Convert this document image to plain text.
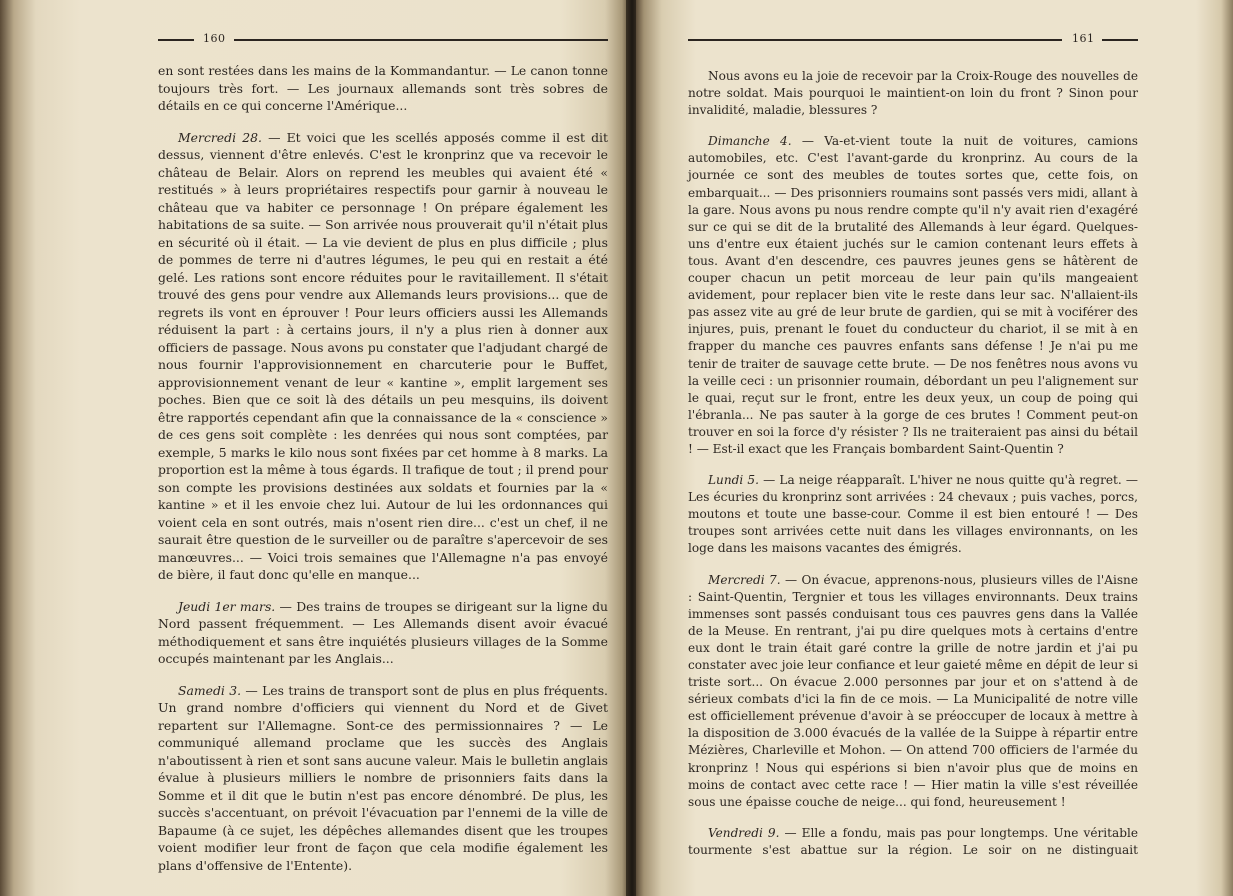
160

en sont restées dans les mains de la Kommandantur. — Le canon tonne toujours très fort. — Les journaux allemands sont très sobres de détails en ce qui concerne l'Amérique...

Mercredi 28. — Et voici que les scellés apposés comme il est dit dessus, viennent d'être enlevés. C'est le kronprinz que va recevoir le château de Belair. Alors on reprend les meubles qui avaient été « restitués » à leurs propriétaires respectifs pour garnir à nouveau le château que va habiter ce personnage ! On prépare également les habitations de sa suite. — Son arrivée nous prouverait qu'il n'était plus en sécurité où il était. — La vie devient de plus en plus difficile ; plus de pommes de terre ni d'autres légumes, le peu qui en restait a été gelé. Les rations sont encore réduites pour le ravitaillement. Il s'était trouvé des gens pour vendre aux Allemands leurs provisions... que de regrets ils vont en éprouver ! Pour leurs officiers aussi les Allemands réduisent la part : à certains jours, il n'y a plus rien à donner aux officiers de passage. Nous avons pu constater que l'adjudant chargé de nous fournir l'approvisionnement en charcuterie pour le Buffet, approvisionnement venant de leur « kantine », emplit largement ses poches. Bien que ce soit là des détails un peu mesquins, ils doivent être rapportés cependant afin que la connaissance de la « conscience » de ces gens soit complète : les denrées qui nous sont comptées, par exemple, 5 marks le kilo nous sont fixées par cet homme à 8 marks. La proportion est la même à tous égards. Il trafique de tout ; il prend pour son compte les provisions destinées aux soldats et fournies par la « kantine » et il les envoie chez lui. Autour de lui les ordonnances qui voient cela en sont outrés, mais n'osent rien dire... c'est un chef, il ne saurait être question de le surveiller ou de paraître s'apercevoir de ses manœuvres... — Voici trois semaines que l'Allemagne n'a pas envoyé de bière, il faut donc qu'elle en manque...

Jeudi 1er mars. — Des trains de troupes se dirigeant sur la ligne du Nord passent fréquemment. — Les Allemands disent avoir évacué méthodiquement et sans être inquiétés plusieurs villages de la Somme occupés maintenant par les Anglais...

Samedi 3. — Les trains de transport sont de plus en plus fréquents. Un grand nombre d'officiers qui viennent du Nord et de Givet repartent sur l'Allemagne. Sont-ce des permissionnaires ? — Le communiqué allemand proclame que les succès des Anglais n'aboutissent à rien et sont sans aucune valeur. Mais le bulletin anglais évalue à plusieurs milliers le nombre de prisonniers faits dans la Somme et il dit que le butin n'est pas encore dénombré. De plus, les succès s'accentuant, on prévoit l'évacuation par l'ennemi de la ville de Bapaume (à ce sujet, les dépêches allemandes disent que les troupes voient modifier leur front de façon que cela modifie également les plans d'offensive de l'Entente).

161

Nous avons eu la joie de recevoir par la Croix-Rouge des nouvelles de notre soldat. Mais pourquoi le maintient-on loin du front ? Sinon pour invalidité, maladie, blessures ?

Dimanche 4. — Va-et-vient toute la nuit de voitures, camions automobiles, etc. C'est l'avant-garde du kronprinz. Au cours de la journée ce sont des meubles de toutes sortes que, cette fois, on embarquait... — Des prisonniers roumains sont passés vers midi, allant à la gare. Nous avons pu nous rendre compte qu'il n'y avait rien d'exagéré sur ce qui se dit de la brutalité des Allemands à leur égard. Quelques-uns d'entre eux étaient juchés sur le camion contenant leurs effets à tous. Avant d'en descendre, ces pauvres jeunes gens se hâtèrent de couper chacun un petit morceau de leur pain qu'ils mangeaient avidement, pour replacer bien vite le reste dans leur sac. N'allaient-ils pas assez vite au gré de leur brute de gardien, qui se mit à vociférer des injures, puis, prenant le fouet du conducteur du chariot, il se mit à en frapper du manche ces pauvres enfants sans défense ! Je n'ai pu me tenir de traiter de sauvage cette brute. — De nos fenêtres nous avons vu la veille ceci : un prisonnier roumain, débordant un peu l'alignement sur le quai, reçut sur le front, entre les deux yeux, un coup de poing qui l'ébranla... Ne pas sauter à la gorge de ces brutes ! Comment peut-on trouver en soi la force d'y résister ? Ils ne traiteraient pas ainsi du bétail ! — Est-il exact que les Français bombardent Saint-Quentin ?

Lundi 5. — La neige réapparaît. L'hiver ne nous quitte qu'à regret. — Les écuries du kronprinz sont arrivées : 24 chevaux ; puis vaches, porcs, moutons et toute une basse-cour. Comme il est bien entouré ! — Des troupes sont arrivées cette nuit dans les villages environnants, on les loge dans les maisons vacantes des émigrés.

Mercredi 7. — On évacue, apprenons-nous, plusieurs villes de l'Aisne : Saint-Quentin, Tergnier et tous les villages environnants. Deux trains immenses sont passés conduisant tous ces pauvres gens dans la Vallée de la Meuse. En rentrant, j'ai pu dire quelques mots à certains d'entre eux dont le train était garé contre la grille de notre jardin et j'ai pu constater avec joie leur confiance et leur gaieté même en dépit de leur si triste sort... On évacue 2.000 personnes par jour et on s'attend à de sérieux combats d'ici la fin de ce mois. — La Municipalité de notre ville est officiellement prévenue d'avoir à se préoccuper de locaux à mettre à la disposition de 3.000 évacués de la vallée de la Suippe à répartir entre Mézières, Charleville et Mohon. — On attend 700 officiers de l'armée du kronprinz ! Nous qui espérions si bien n'avoir plus que de moins en moins de contact avec cette race ! — Hier matin la ville s'est réveillée sous une épaisse couche de neige... qui fond, heureusement !

Vendredi 9. — Elle a fondu, mais pas pour longtemps. Une véritable tourmente s'est abattue sur la région. Le soir on ne distinguait
